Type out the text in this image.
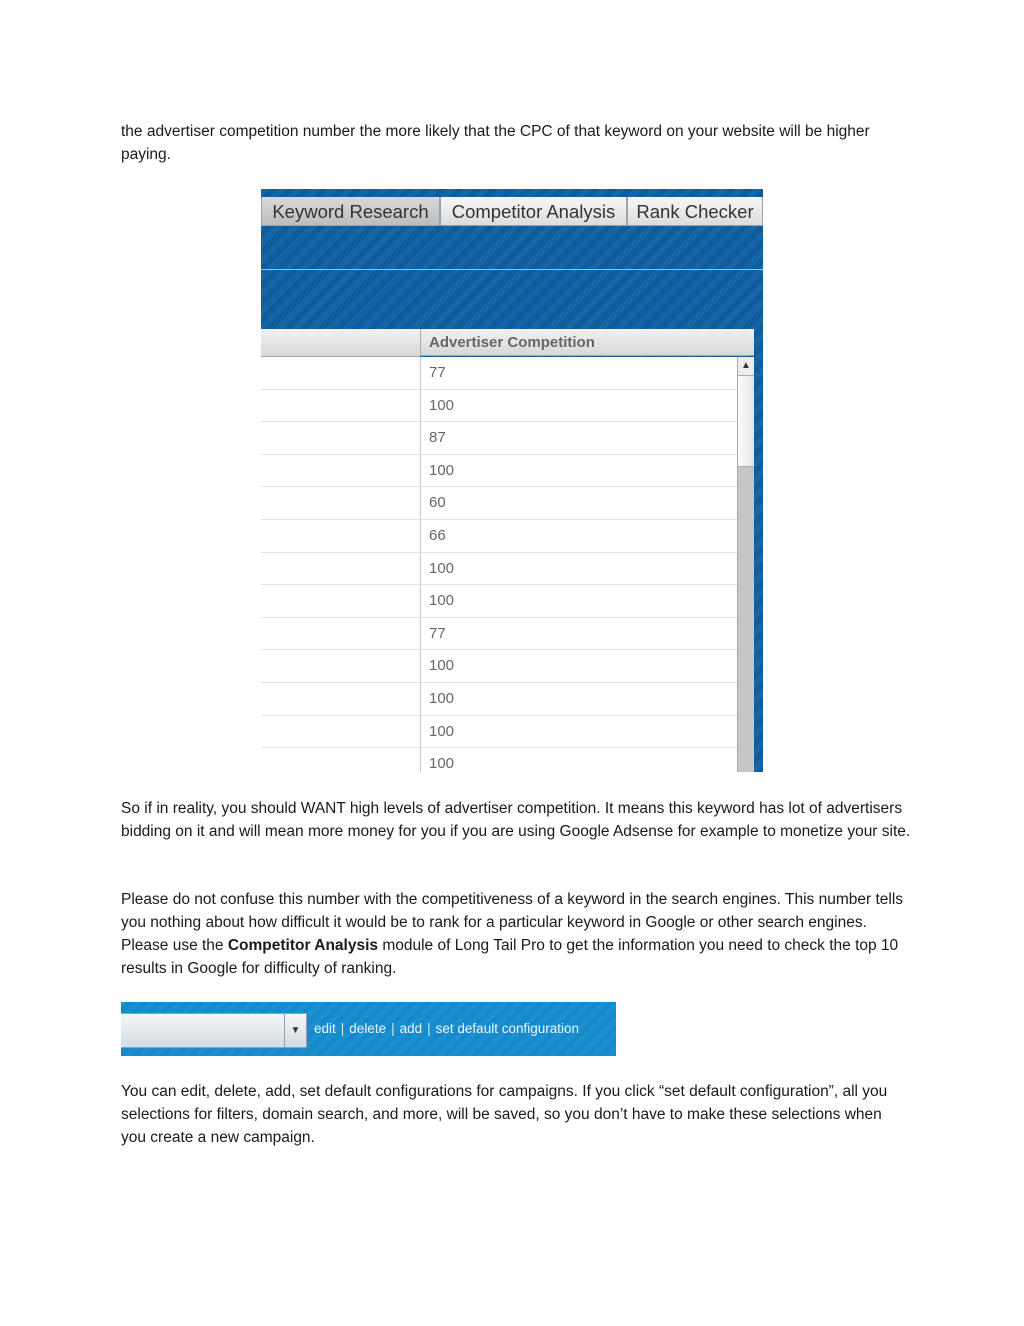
the advertiser competition number the more likely that the CPC of that keyword on your website will be higher paying.

Keyword Research	Competitor Analysis	Rank Checker
Advertiser Competition
77
100
87
100
60
66
100
100
77
100
100
100
100
▲
So if in reality, you should WANT high levels of advertiser competition. It means this keyword has lot of advertisers bidding on it and will mean more money for you if you are using Google Adsense for example to monetize your site.

Please do not confuse this number with the competitiveness of a keyword in the search engines. This number tells you nothing about how difficult it would be to rank for a particular keyword in Google or other search engines. Please use the Competitor Analysis module of Long Tail Pro to get the information you need to check the top 10 results in Google for difficulty of ranking.

▼	edit | delete | add | set default configuration

You can edit, delete, add, set default configurations for campaigns. If you click “set default configuration”, all you selections for filters, domain search, and more, will be saved, so you don’t have to make these selections when you create a new campaign.
